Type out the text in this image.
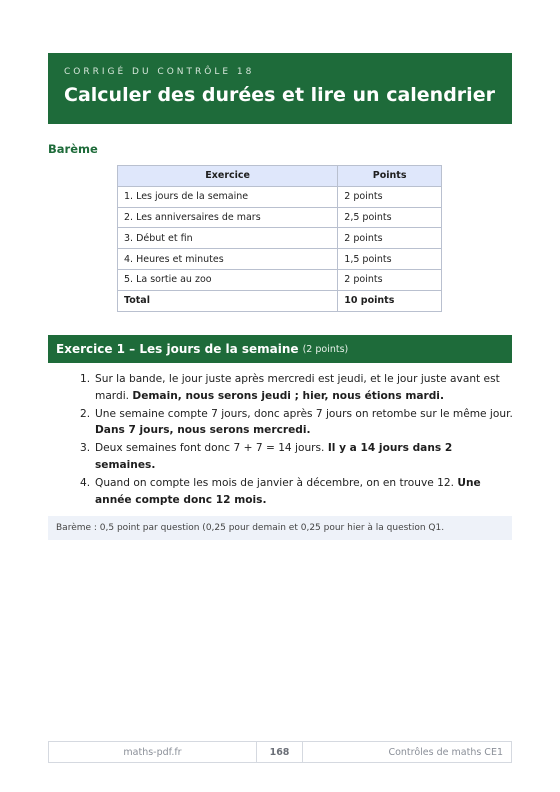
CORRIGÉ DU CONTRÔLE 18
Calculer des durées et lire un calendrier
Barème
Exercice	Points
1. Les jours de la semaine	2 points
2. Les anniversaires de mars	2,5 points
3. Début et fin	2 points
4. Heures et minutes	1,5 points
5. La sortie au zoo	2 points
Total	10 points
Exercice 1 – Les jours de la semaine (2 points)
1. Sur la bande, le jour juste après mercredi est jeudi, et le jour juste avant est mardi. Demain, nous serons jeudi ; hier, nous étions mardi.
2. Une semaine compte 7 jours, donc après 7 jours on retombe sur le même jour. Dans 7 jours, nous serons mercredi.
3. Deux semaines font donc 7 + 7 = 14 jours. Il y a 14 jours dans 2 semaines.
4. Quand on compte les mois de janvier à décembre, on en trouve 12. Une année compte donc 12 mois.
Barème : 0,5 point par question (0,25 pour demain et 0,25 pour hier à la question Q1.
maths-pdf.fr	168	Contrôles de maths CE1
